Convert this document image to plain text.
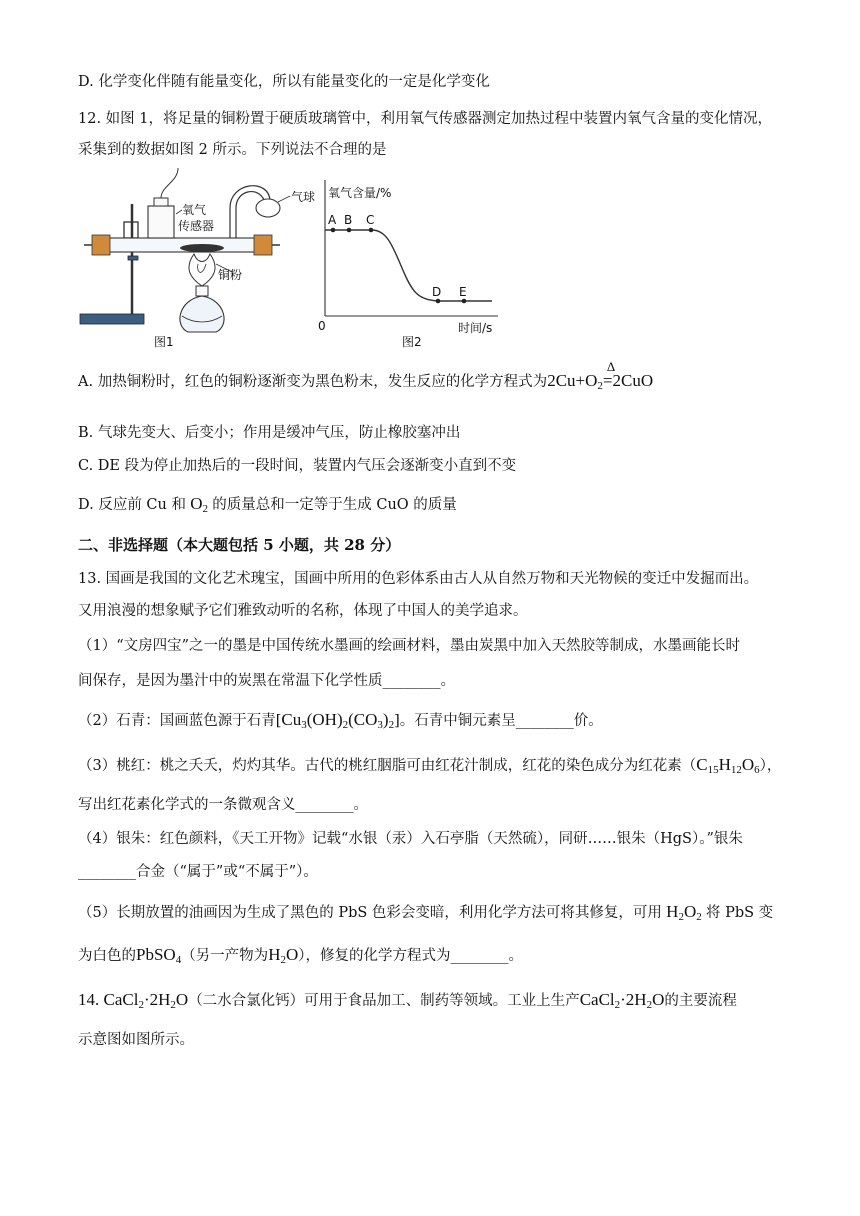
D. 化学变化伴随有能量变化，所以有能量变化的一定是化学变化
12. 如图 1，将足量的铜粉置于硬质玻璃管中，利用氧气传感器测定加热过程中装置内氧气含量的变化情况，
采集到的数据如图 2 所示。下列说法不合理的是
氧气
传感器
气球
铜粉
图1
氧气含量/%
时间/s
0
A B C
D E
图2
A. 加热铜粉时，红色的铜粉逐渐变为黑色粉末，发生反应的化学方程式为$2Cu+O_2$
Δ
=2CuO
B. 气球先变大、后变小；作用是缓冲气压，防止橡胶塞冲出
C. DE 段为停止加热后的一段时间，装置内气压会逐渐变小直到不变
D. 反应前 Cu 和 $O_2$ 的质量总和一定等于生成 CuO 的质量
二、非选择题（本大题包括 5 小题，共 28 分）
13. 国画是我国的文化艺术瑰宝，国画中所用的色彩体系由古人从自然万物和天光物候的变迁中发掘而出。
又用浪漫的想象赋予它们雅致动听的名称，体现了中国人的美学追求。
（1）“文房四宝”之一的墨是中国传统水墨画的绘画材料，墨由炭黑中加入天然胶等制成，水墨画能长时
间保存，是因为墨汁中的炭黑在常温下化学性质________。
（2）石青：国画蓝色源于石青$[Cu_3(OH)_2(CO_3)_2]$。石青中铜元素呈________价。
（3）桃红：桃之夭夭，灼灼其华。古代的桃红胭脂可由红花汁制成，红花的染色成分为红花素$(C_{15}H_{12}O_6)$，
写出红花素化学式的一条微观含义________。
（4）银朱：红色颜料，《天工开物》记载“水银（汞）入石亭脂（天然硫），同研……银朱（HgS）。”银朱
________合金（“属于”或“不属于”）。
（5）长期放置的油画因为生成了黑色的 PbS 色彩会变暗，利用化学方法可将其修复，可用 $H_2O_2$ 将 PbS 变
为白色的PbSO$_4$（另一产物为$H_2O$），修复的化学方程式为________。
14. $CaCl_2\cdot 2H_2O$（二水合氯化钙）可用于食品加工、制药等领域。工业上生产$CaCl_2\cdot 2H_2O$的主要流程
示意图如图所示。
